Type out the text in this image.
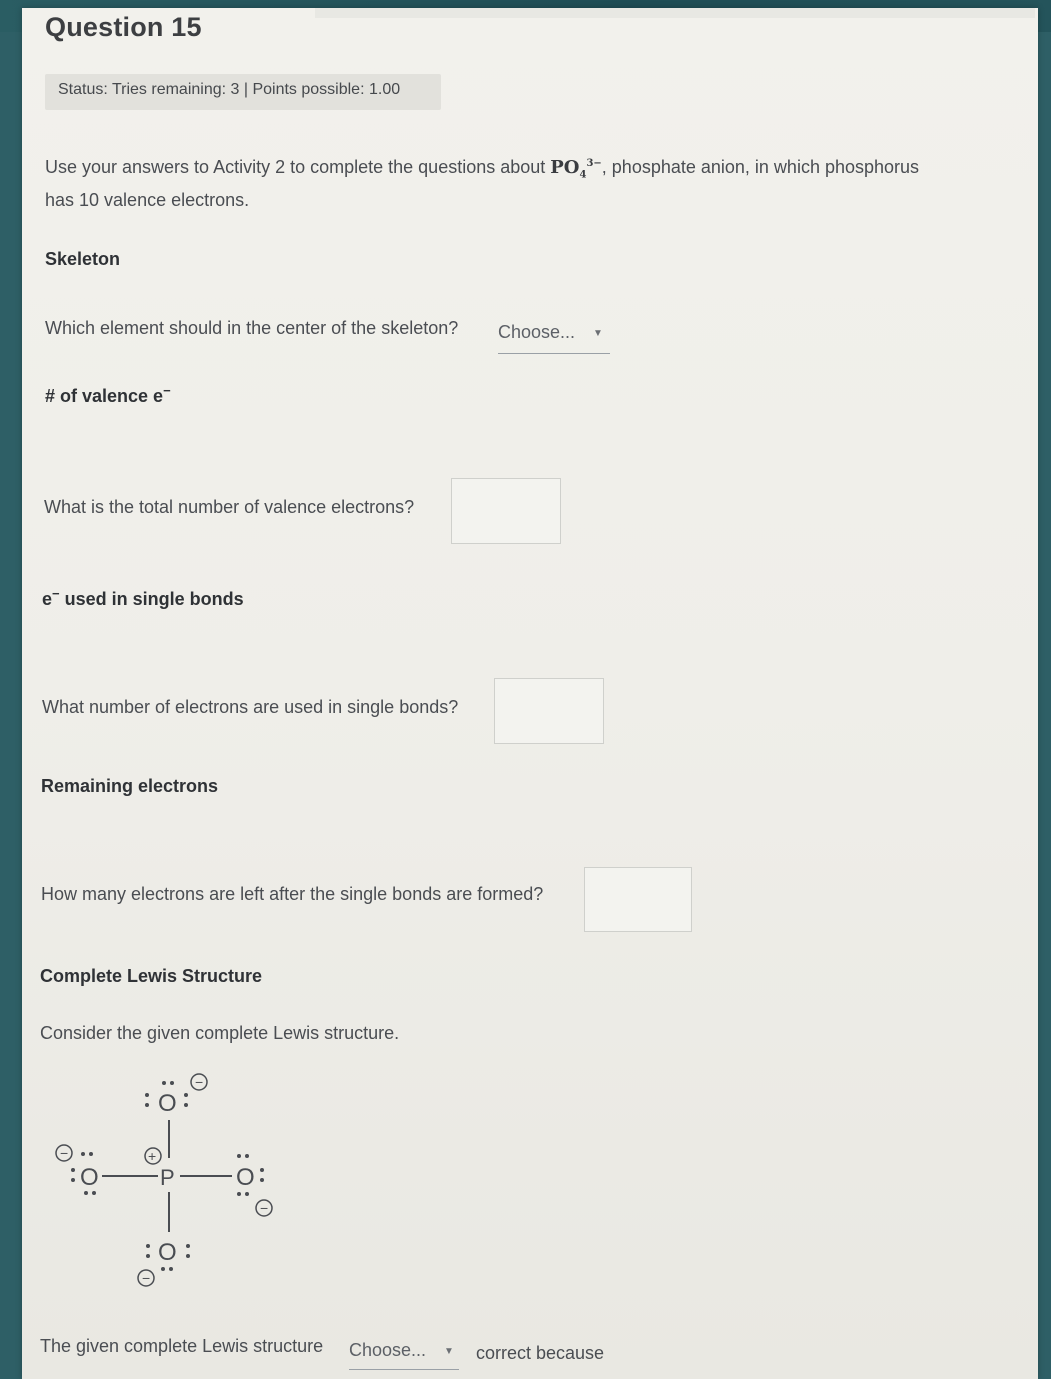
Question 15
Status: Tries remaining: 3 | Points possible: 1.00
Use your answers to Activity 2 to complete the questions about $PO_4^{3-}$, phosphate anion, in which phosphorus
has 10 valence electrons.
Skeleton
Which element should in the center of the skeleton? Choose... ▼
# of valence e−
What is the total number of valence electrons?
e− used in single bonds
What number of electrons are used in single bonds?
Remaining electrons
How many electrons are left after the single bonds are formed?
Complete Lewis Structure
Consider the given complete Lewis structure.
O
−
+
P
−
O	O
−
O
−
The given complete Lewis structure Choose... ▼ correct because
